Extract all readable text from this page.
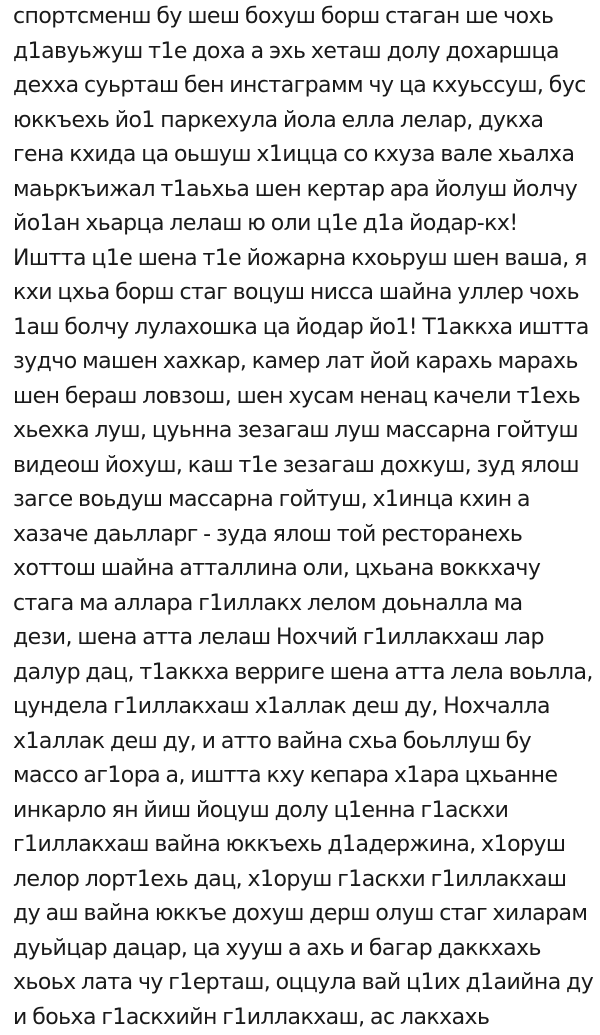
спортсменш бу шеш бохуш борш стаган ше чохь
д1авуьжуш т1е доха а эхь хеташ долу дохаршца
дехха суьрташ бен инстаграмм чу ца кхуьссуш, бус
юккъехь йо1 паркехула йола елла лелар, дукха
гена кхида ца оьшуш х1ицца со кхуза вале хьалха
маьркъижал т1аьхьа шен кертар ара йолуш йолчу
йо1ан хьарца лелаш ю оли ц1е д1а йодар-кх!
Иштта ц1е шена т1е йожарна кхоьруш шен ваша, я
кхи цхьа борш стаг воцуш нисса шайна уллер чохь
1аш болчу лулахошка ца йодар йо1! Т1аккха иштта
зудчо машен хахкар, камер лат йой карахь марахь
шен бераш ловзош, шен хусам ненац качели т1ехь
хьехка луш, цуьнна зезагаш луш массарна гойтуш
видеош йохуш, каш т1е зезагаш дохкуш, зуд ялош
загсе воьдуш массарна гойтуш, х1инца кхин а
хазаче даьлларг - зуда ялош той ресторанехь
хоттош шайна атталлина оли, цхьана воккхачу
стага ма аллара г1иллакх лелом доьналла ма
дези, шена атта лелаш Нохчий г1иллакхаш лар
далур дац, т1аккха верриге шена атта лела воьлла,
цундела г1иллакхаш х1аллак деш ду, Нохчалла
х1аллак деш ду, и атто вайна схьа боьллуш бу
массо аг1ора а, иштта кху кепара х1ара цхьанне
инкарло ян йиш йоцуш долу ц1енна г1аскхи
г1иллакхаш вайна юккъехь д1адержина, х1оруш
лелор лорт1ехь дац, х1оруш г1аскхи г1иллакхаш
ду аш вайна юккъе дохуш дерш олуш стаг хиларам
дуьйцар дацар, ца хууш а ахь и багар даккхахь
хьоьх лата чу г1ерташ, оццула вай ц1их д1аийна ду
и боьха г1аскхийн г1иллакхаш, ас лакхахь
